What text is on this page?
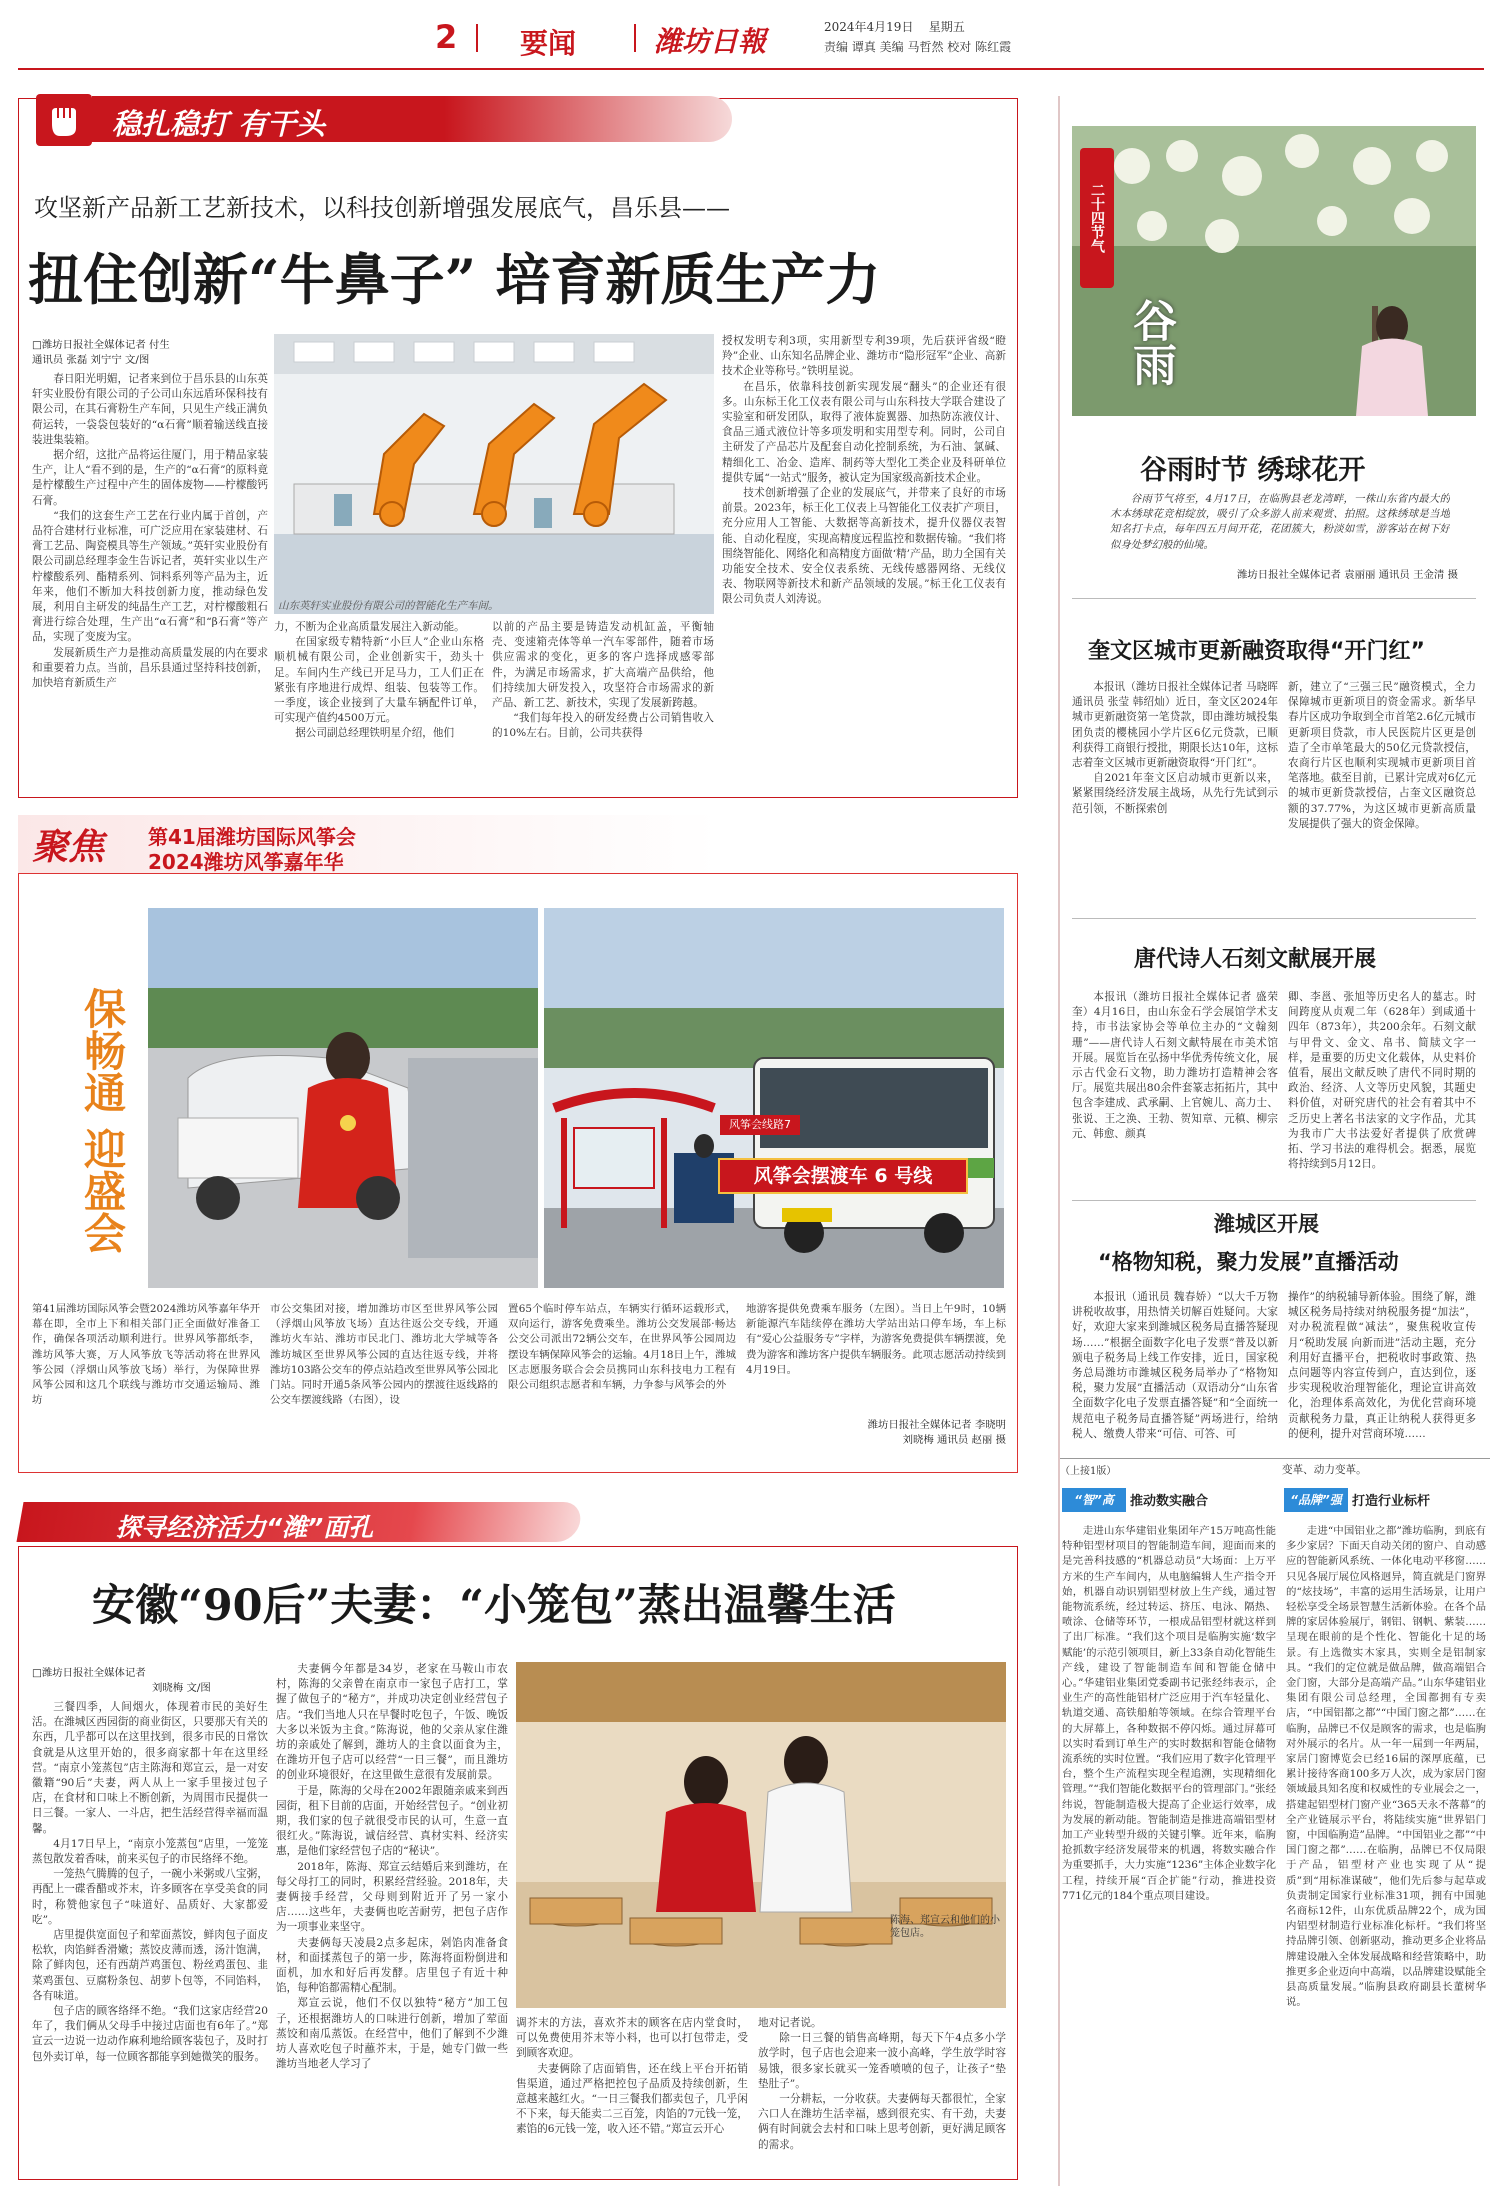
2 要闻	潍坊日報	2024年4月19日 星期五
责编 谭真 美编 马哲然 校对 陈红霞
稳扎稳打 有干头
攻坚新产品新工艺新技术，以科技创新增强发展底气，昌乐县——
扭住创新“牛鼻子” 培育新质生产力
□潍坊日报社全媒体记者 付生
通讯员 张磊 刘宁宁 文/图

春日阳光明媚，记者来到位于昌乐县的山东英轩实业股份有限公司的子公司山东远盾环保科技有限公司，在其石膏粉生产车间，只见生产线正满负荷运转，一袋袋包装好的“α石膏”顺着输送线直接装进集装箱。

据介绍，这批产品将运往厦门，用于精品家装生产，让人“看不到的是，生产的“α石膏”的原料竟是柠檬酸生产过程中产生的固体废物——柠檬酸钙石膏。

“我们的这套生产工艺在行业内属于首创，产品符合建材行业标准，可广泛应用在家装建材、石膏工艺品、陶瓷模具等生产领域。”英轩实业股份有限公司副总经理李金生告诉记者，英轩实业以生产柠檬酸系列、酯精系列、饲料系列等产品为主，近年来，他们不断加大科技创新力度，推动绿色发展，利用自主研发的纯晶生产工艺，对柠檬酸粗石膏进行综合处理，生产出“α石膏”和“β石膏”等产品，实现了变废为宝。

发展新质生产力是推动高质量发展的内在要求和重要着力点。当前，昌乐县通过坚持科技创新，加快培育新质生产

山东英轩实业股份有限公司的智能化生产车间。

力，不断为企业高质量发展注入新动能。

在国家级专精特新“小巨人”企业山东格顺机械有限公司，企业创新实干，劲头十足。车间内生产线已开足马力，工人们正在紧张有序地进行成焊、组装、包装等工作。一季度，该企业接到了大量车辆配件订单，可实现产值约4500万元。

据公司副总经理铁明星介绍，他们

以前的产品主要是铸造发动机缸盖，平衡轴壳、变速箱壳体等单一汽车零部件，随着市场供应需求的变化，更多的客户选择成感零部件，为满足市场需求，扩大高端产品供给，他们持续加大研发投入，攻坚符合市场需求的新产品、新工艺、新技术，实现了发展新跨越。

“我们每年投入的研发经费占公司销售收入的10%左右。目前，公司共获得

授权发明专利3项，实用新型专利39项，先后获评省级“瞪羚”企业、山东知名品牌企业、潍坊市“隐形冠军”企业、高新技术企业等称号。”铁明星说。

在昌乐，依靠科技创新实现发展“翻头”的企业还有很多。山东标王化工仪表有限公司与山东科技大学联合建设了实验室和研发团队，取得了液体旋翼器、加热防冻液仪计、食品三通式液位计等多项发明和实用型专利。同时，公司自主研发了产品芯片及配套自动化控制系统，为石油、氯碱、精细化工、冶金、造库、制药等大型化工类企业及科研单位提供专属“一站式”服务，被认定为国家级高新技术企业。

技术创新增强了企业的发展底气，并带来了良好的市场前景。2023年，标王化工仪表上马智能化工仪表扩产项目，充分应用人工智能、大数据等高新技术，提升仪器仪表智能、自动化程度，实现高精度远程监控和数据传输。“我们将围绕智能化、网络化和高精度方面做‘精’产品，助力全国有关功能安全技术、安全仪表系统、无线传感器网络、无线仪表、物联网等新技术和新产品领域的发展。”标王化工仪表有限公司负责人刘涛说。

聚焦 第41届潍坊国际风筝会
2024潍坊风筝嘉年华
保畅通 迎盛会	风筝会摆渡车 6 号线
风筝会线路7
第41届潍坊国际风筝会暨2024潍坊风筝嘉年华开幕在即，全市上下和相关部门正全面做好准备工作，确保各项活动顺利进行。世界风筝都纸李，潍坊风筝大赛，万人风筝放飞等活动将在世界风筝公园（浮烟山风筝放飞场）举行，为保障世界风筝公园和这几个联线与潍坊市交通运输局、潍坊
市公交集团对接，增加潍坊市区至世界风筝公园（浮烟山风筝放飞场）直达往返公交专线，开通潍坊火车站、潍坊市民北门、潍坊北大学城等各潍坊城区至世界风筝公园的直达往返专线，并将潍坊103路公交车的停点站趋改至世界风筝公园北门站。同时开通5条风筝公园内的摆渡往返线路的公交车摆渡线路（右图），设
置65个临时停车站点，车辆实行循环运载形式，双向运行，游客免费乘坐。潍坊公交发展部·畅达公交公司派出72辆公交车，在世界风筝公园周边摆设车辆保障风筝会的运输。4月18日上午，潍城区志愿服务联合会会员携同山东科技电力工程有限公司组织志愿者和车辆，力争参与风筝会的外
地游客提供免费乘车服务（左图）。当日上午9时，10辆新能源汽车陆续停在潍坊大学站出站口停车场，车上标有“爱心公益服务专”字样，为游客免费提供车辆摆渡，免费为游客和潍坊客户提供车辆服务。此项志愿活动持续到4月19日。
潍坊日报社全媒体记者 李晓明
刘晓梅 通讯员 赵丽 摄
探寻经济活力“潍”面孔
安徽“90后”夫妻：“小笼包”蒸出温馨生活
□潍坊日报社全媒体记者
刘晓梅 文/图

三餐四季，人间烟火，体现着市民的美好生活。在潍城区西园街的商业街区，只要那天有关的东西，几乎都可以在这里找到，很多市民的日常饮食就是从这里开始的，很多商家都十年在这里经营。“南京小笼蒸包”店主陈海和郑宣云，是一对安徽籍“90后”夫妻，两人从上一家手里接过包子店，在食材和口味上不断创新，为周围市民提供一日三餐。一家人、一斗店，把生活经营得幸福而温馨。

4月17日早上，“南京小笼蒸包”店里，一笼笼蒸包散发着香味，前来买包子的市民络绎不绝。

一笼热气腾腾的包子，一碗小米粥或八宝粥，再配上一碟香醋或芥末，许多顾客在享受美食的同时，称赞他家包子“味道好、品质好、大家都爱吃”。

店里提供宽面包子和荤面蒸饺，鲜肉包子面皮松软，肉馅鲜香滑嫩；蒸饺皮薄而透，汤汁饱满，除了鲜肉包，还有西葫芦鸡蛋包、粉丝鸡蛋包、韭菜鸡蛋包、豆腐粉条包、胡萝卜包等，不同馅料，各有味道。

包子店的顾客络绎不绝。“我们这家店经营20年了，我们俩从父母手中接过店面也有6年了。”郑宣云一边说一边动作麻利地给顾客装包子，及时打包外卖订单，每一位顾客都能享到她微笑的服务。

夫妻俩今年都是34岁，老家在马鞍山市农村，陈海的父亲曾在南京市一家包子店打工，掌握了做包子的“秘方”，并成功决定创业经营包子店。“我们当地人只在早餐时吃包子，午饭、晚饭大多以米饭为主食。”陈海说，他的父亲从家住潍坊的亲戚处了解到，潍坊人的主食以面食为主，在潍坊开包子店可以经营“一日三餐”，而且潍坊的创业环境很好，在这里做生意很有发展前景。

于是，陈海的父母在2002年跟随亲戚来到西园街，租下目前的店面，开始经营包子。“创业初期，我们家的包子就很受市民的认可，生意一直很红火。”陈海说，诚信经营、真材实料、经济实惠，是他们家经营包子店的“秘诀”。

2018年，陈海、郑宣云结婚后来到潍坊，在每父母打工的同时，积累经营经验。2018年，夫妻俩接手经营，父母则到附近开了另一家小店……这些年，夫妻俩也吃苦耐劳，把包子店作为一项事业来坚守。

夫妻俩每天凌晨2点多起床，剁馅肉准备食材，和面揉蒸包子的第一步，陈海将面粉倒进和面机，加水和好后再发酵。店里包子有近十种馅，每种馅都需精心配制。

郑宣云说，他们不仅以独特“秘方”加工包子，还根据潍坊人的口味进行创新，增加了荤面蒸饺和南瓜蒸饭。在经营中，他们了解到不少潍坊人喜欢吃包子时蘸芥末，于是，她专门做一些潍坊当地老人学习了

陈海、郑宣云和他们的小笼包店。

调芥末的方法，喜欢芥末的顾客在店内堂食时，可以免费使用芥末等小料，也可以打包带走，受到顾客欢迎。

夫妻俩除了店面销售，还在线上平台开拓销售渠道，通过严格把控包子品质及持续创新，生意越来越红火。“一日三餐我们都卖包子，几乎闲不下来，每天能卖二三百笼，肉馅的7元钱一笼，素馅的6元钱一笼，收入还不错。”郑宣云开心

地对记者说。

除一日三餐的销售高峰期，每天下午4点多小学放学时，包子店也会迎来一波小高峰，学生放学时容易饿，很多家长就买一笼香喷喷的包子，让孩子“垫垫肚子”。

一分耕耘，一分收获。夫妻俩每天都很忙，全家六口人在潍坊生活幸福，感到很充实、有干劲，夫妻俩有时间就会去村和口味上思考创新，更好满足顾客的需求。

二十四节气
谷雨
谷雨时节 绣球花开
谷雨节气将至，4月17日，在临朐县老龙湾畔，一株山东省内最大的木本绣球花竞相绽放，吸引了众多游人前来观赏、拍照。这株绣球是当地知名打卡点，每年四五月间开花，花团簇大，粉淡如雪，游客站在树下好似身处梦幻般的仙境。
潍坊日报社全媒体记者 袁丽丽 通讯员 王金清 摄
奎文区城市更新融资取得“开门红”

本报讯（潍坊日报社全媒体记者 马晓晖 通讯员 张莹 韩绍灿）近日，奎文区2024年城市更新融资第一笔贷款，即由潍坊城投集团负责的樱桃园小学片区6亿元贷款，已顺利获得工商银行授批，期限长达10年，这标志着奎文区城市更新融资取得“开门红”。

自2021年奎文区启动城市更新以来，紧紧围绕经济发展主战场，从先行先试到示范引领，不断探索创

新，建立了“三强三民”融资模式，全力保障城市更新项目的资金需求。新华早春片区成功争取到全市首笔2.6亿元城市更新项目贷款，市人民医院片区更是创造了全市单笔最大的50亿元贷款授信，农商行片区也顺利实现城市更新项目首笔落地。截至目前，已累计完成对6亿元的城市更新贷款授信，占奎文区融资总额的37.77%，为这区城市更新高质量发展提供了强大的资金保障。
唐代诗人石刻文献展开展
本报讯（潍坊日报社全媒体记者 盛荣奎）4月16日，由山东金石学会展馆学术支持，市书法家协会等单位主办的“文翰刻珊”——唐代诗人石刻文献特展在市美术馆开展。展览旨在弘扬中华优秀传统文化，展示古代金石文物，助力潍坊打造精神会客厅。展览共展出80余件套篆志拓拓片，其中包含李建成、武承嗣、上官婉儿、高力士、张说、王之涣、王勃、贺知章、元稹、柳宗元、韩愈、颜真
卿、李邕、张旭等历史名人的墓志。时间跨度从贞观二年（628年）到咸通十四年（873年），共200余年。石刻文献与甲骨文、金文、帛书、简牍文字一样，是重要的历史文化载体，从史料价值看，展出文献反映了唐代不同时期的政治、经济、人文等历史风貌，其题史料价值，对研究唐代的社会有着其中不乏历史上著名书法家的文字作品，尤其为我市广大书法爱好者提供了欣赏碑拓、学习书法的难得机会。据悉，展览将持续到5月12日。
潍城区开展
“格物知税，聚力发展”直播活动
本报讯（通讯员 魏春娇）“以大千万物讲税收故事，用热情关切解百姓疑问。大家好，欢迎大家来到潍城区税务局直播答疑现场……”根据全面数字化电子发票”普及以新颁电子税务局上线工作安排，近日，国家税务总局潍坊市潍城区税务局举办了“格物知税，聚力发展”直播活动（双语动分“山东省全面数字化电子发票直播答疑”和“全面统一规范电子税务局直播答疑”两场进行，给纳税人、缴费人带来“可信、可答、可
操作”的纳税辅导新体验。围绕了解，潍城区税务局持续对纳税服务提“加法”，对办税流程做“减法”，聚焦税收宣传月“税助发展 向新而进”活动主题，充分利用好直播平台，把税收时事政策、热点问题等内容宣传到户，直达到位，逐步实现税收治理智能化，理论宣讲高效化，治理体系高效化，为优化营商环境贡献税务力量，真正让纳税人获得更多的便利，提升对营商环境……
（上接1版）	变革、动力变革。
“智”高	推动数实融合	“品牌”强 打造行业标杆
走进山东华建铝业集团年产15万吨高性能特种铝型材项目的智能制造车间，迎面而来的是完善科技感的“机器总动员”大场面：上万平方米的生产车间内，从电脑编辑人生产指令开始，机器自动识别铝型材放上生产线，通过智能物流系统，经过转运、挤压、电泳、隔热、喷涂、仓储等环节，一根成品铝型材就这样到了出厂标准。“我们这个项目是临朐实施‘数字赋能’的示范引领项目，新上33条自动化智能生产线，建设了智能制造车间和智能仓储中心。”华建铝业集团党委副书记张经纬表示，企业生产的高性能铝材广泛应用于汽车轻量化、轨道交通、高铁船舶等领域。在综合管理平台的大屏幕上，各种数据不停闪烁。通过屏幕可以实时看到订单生产的实时数据和智能仓储物流系统的实时位置。“我们应用了数字化管理平台，整个生产流程实现全程追溯，实现精细化管理。”“我们智能化数据平台的管理部门。”张经纬说，智能制造极大提高了企业运行效率，成为发展的新动能。智能制造是推进高端铝型材加工产业转型升级的关键引擎。近年来，临朐抢抓数字经济发展带来的机遇，将数实融合作为重要抓手，大力实施“1236”主体企业数字化工程，持续开展“百企扩能”行动，推进投资771亿元的184个重点项目建设。
走进“中国铝业之都”潍坊临朐，到底有多少家居？下面天自动关闭的窗户、自动感应的智能新风系统、一体化电动平移窗……只见各展厅展位风格迥异，简直就是门窗界的“炫技场”，丰富的运用生活场景，让用户轻松享受全场景智慧生活新体验。在各个品牌的家居体验展厅，钢铝、钢帆、紫装……呈现在眼前的是个性化、智能化十足的场景。有上选微实木家具，实则全是铝制家具。“我们的定位就是做品牌，做高端铝合金门窗，大部分是高端产品。”山东华建铝业集团有限公司总经理，全国都拥有专卖店，“中国铝都之都”“中国门窗之都”……在临朐，品牌已不仅是顾客的需求，也是临朐对外展示的名片。从一年一届到一年两届，家居门窗博览会已经16届的深厚底蕴，已累计接待客商100多万人次，成为家居门窗领域最具知名度和权威性的专业展会之一，搭建起铝型材门窗产业“365天永不落幕”的全产业链展示平台，将陆续实施“世界铝门窗，中国临朐造”品牌。“中国铝业之都”“中国门窗之都”……在临朐，品牌已不仅局限于产品，铝型材产业也实现了从“提质”到“用标准谋破”，他们先后参与起草或负责制定国家行业标准31项，拥有中国驰名商标12件，山东优质品牌22个，成为国内铝型材制造行业标准化标杆。“我们将坚持品牌引领、创新驱动，推动更多企业将品牌建设融入全体发展战略和经营策略中，助推更多企业迈向中高端，以品牌建设赋能全县高质量发展。”临朐县政府副县长董树华说。
